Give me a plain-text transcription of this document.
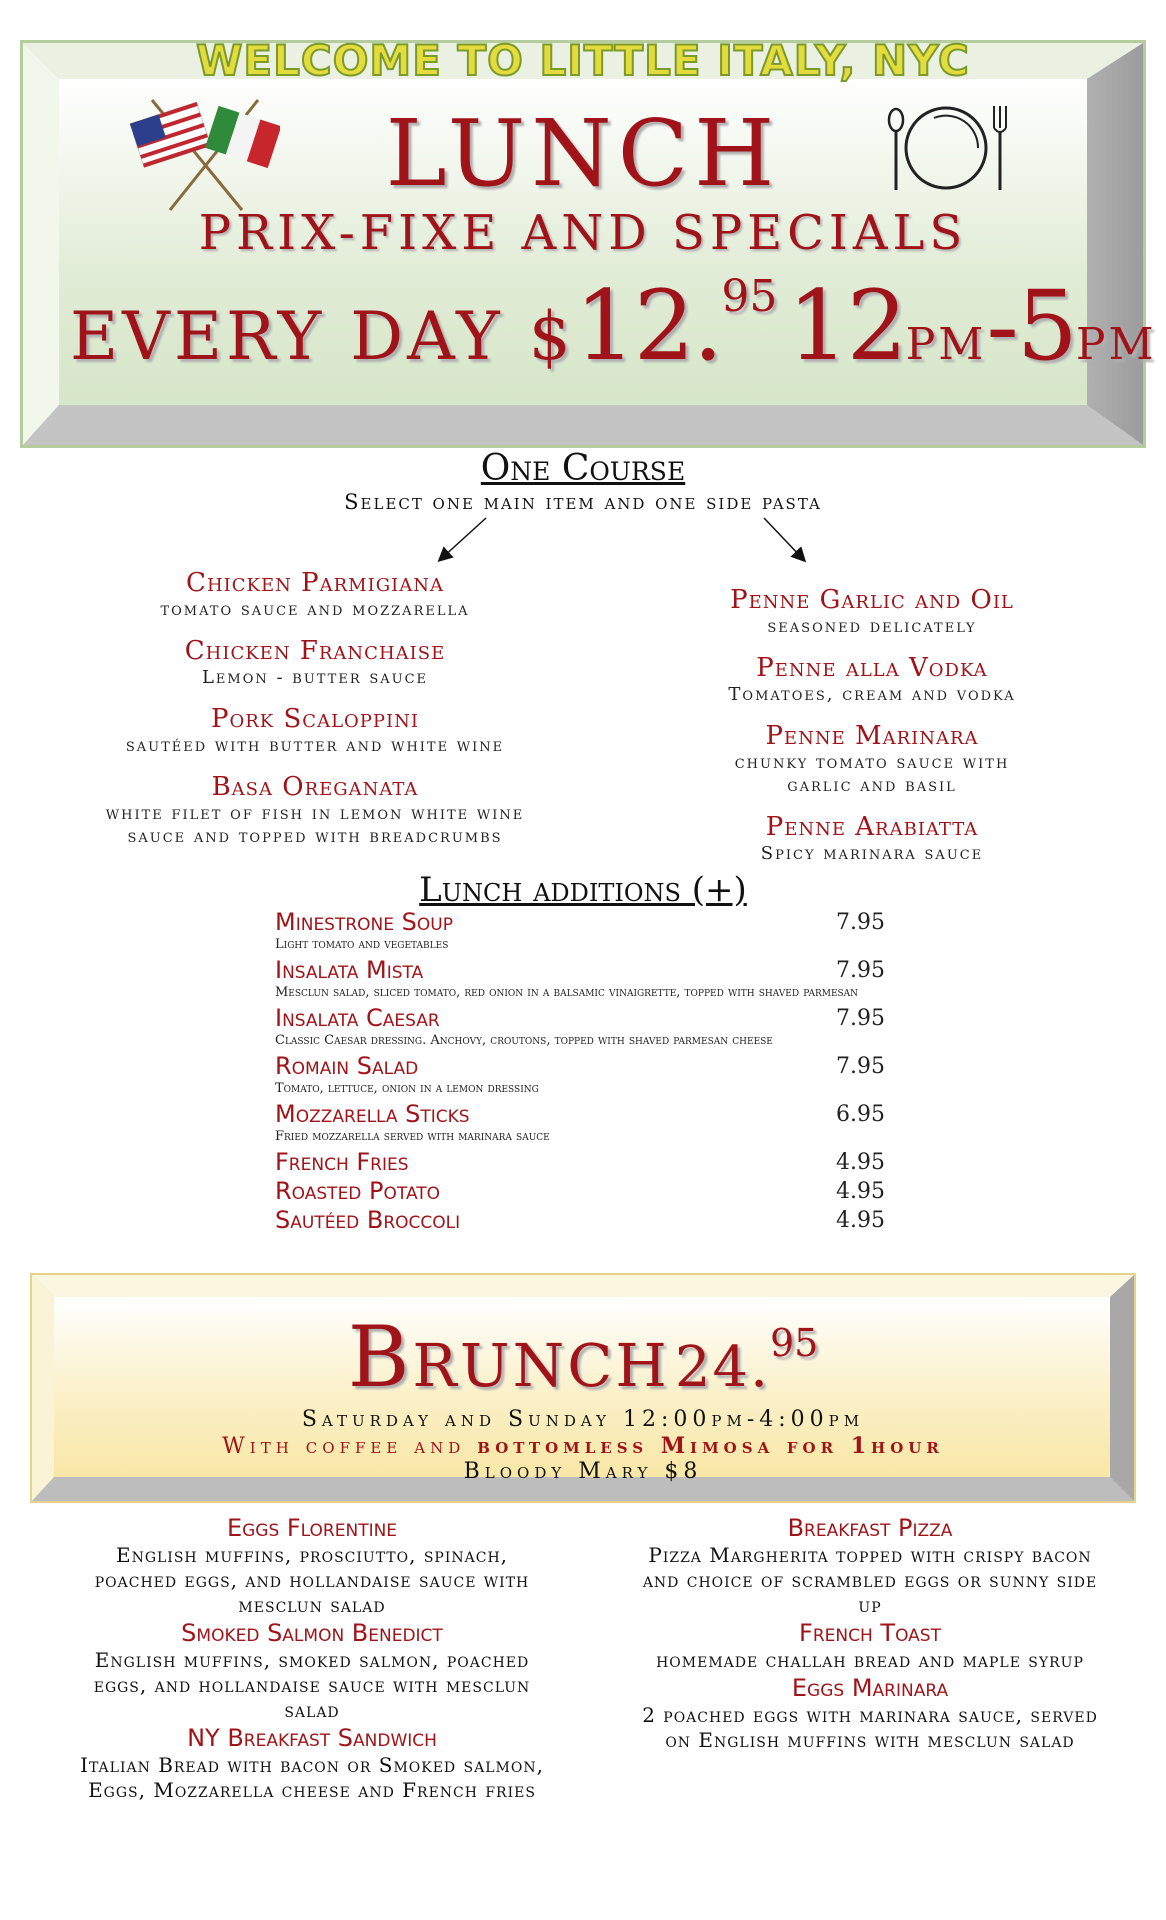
WELCOME TO LITTLE ITALY, NYC
LUNCH
PRIX-FIXE AND SPECIALS
EVERY DAY $12.95 12PM-5PM
One Course
Select one main item and one side pasta
Chicken Parmigiana
tomato sauce and mozzarella
Chicken Franchaise
Lemon - butter sauce
Pork Scaloppini
sautéed with butter and white wine
Basa Oreganata
white filet of fish in lemon white wine sauce and topped with breadcrumbs
Penne Garlic and Oil
seasoned delicately
Penne alla Vodka
Tomatoes, cream and vodka
Penne Marinara
chunky tomato sauce with garlic and basil
Penne Arabiatta
Spicy marinara sauce
Lunch additions (+)
Minestrone Soup	7.95
Light tomato and vegetables
Insalata Mista	7.95
Mesclun salad, sliced tomato, red onion in a balsamic vinaigrette, topped with shaved parmesan
Insalata Caesar	7.95
Classic Caesar dressing. Anchovy, croutons, topped with shaved parmesan cheese
Romain Salad	7.95
Tomato, lettuce, onion in a lemon dressing
Mozzarella Sticks	6.95
Fried mozzarella served with marinara sauce
French Fries	4.95
Roasted Potato	4.95
Sautéed Broccoli	4.95
Brunch 24.95
Saturday and Sunday 12:00pm-4:00pm
With coffee and bottomless Mimosa for 1hour
Bloody Mary $8
Eggs Florentine
English muffins, prosciutto, spinach, poached eggs, and hollandaise sauce with mesclun salad
Smoked Salmon Benedict
English muffins, smoked salmon, poached eggs, and hollandaise sauce with mesclun salad
NY Breakfast Sandwich
Italian Bread with bacon or Smoked salmon, Eggs, Mozzarella cheese and French fries
Breakfast Pizza
Pizza Margherita topped with crispy bacon and choice of scrambled eggs or sunny side up
French Toast
homemade challah bread and maple syrup
Eggs Marinara
2 poached eggs with marinara sauce, served on English muffins with mesclun salad
